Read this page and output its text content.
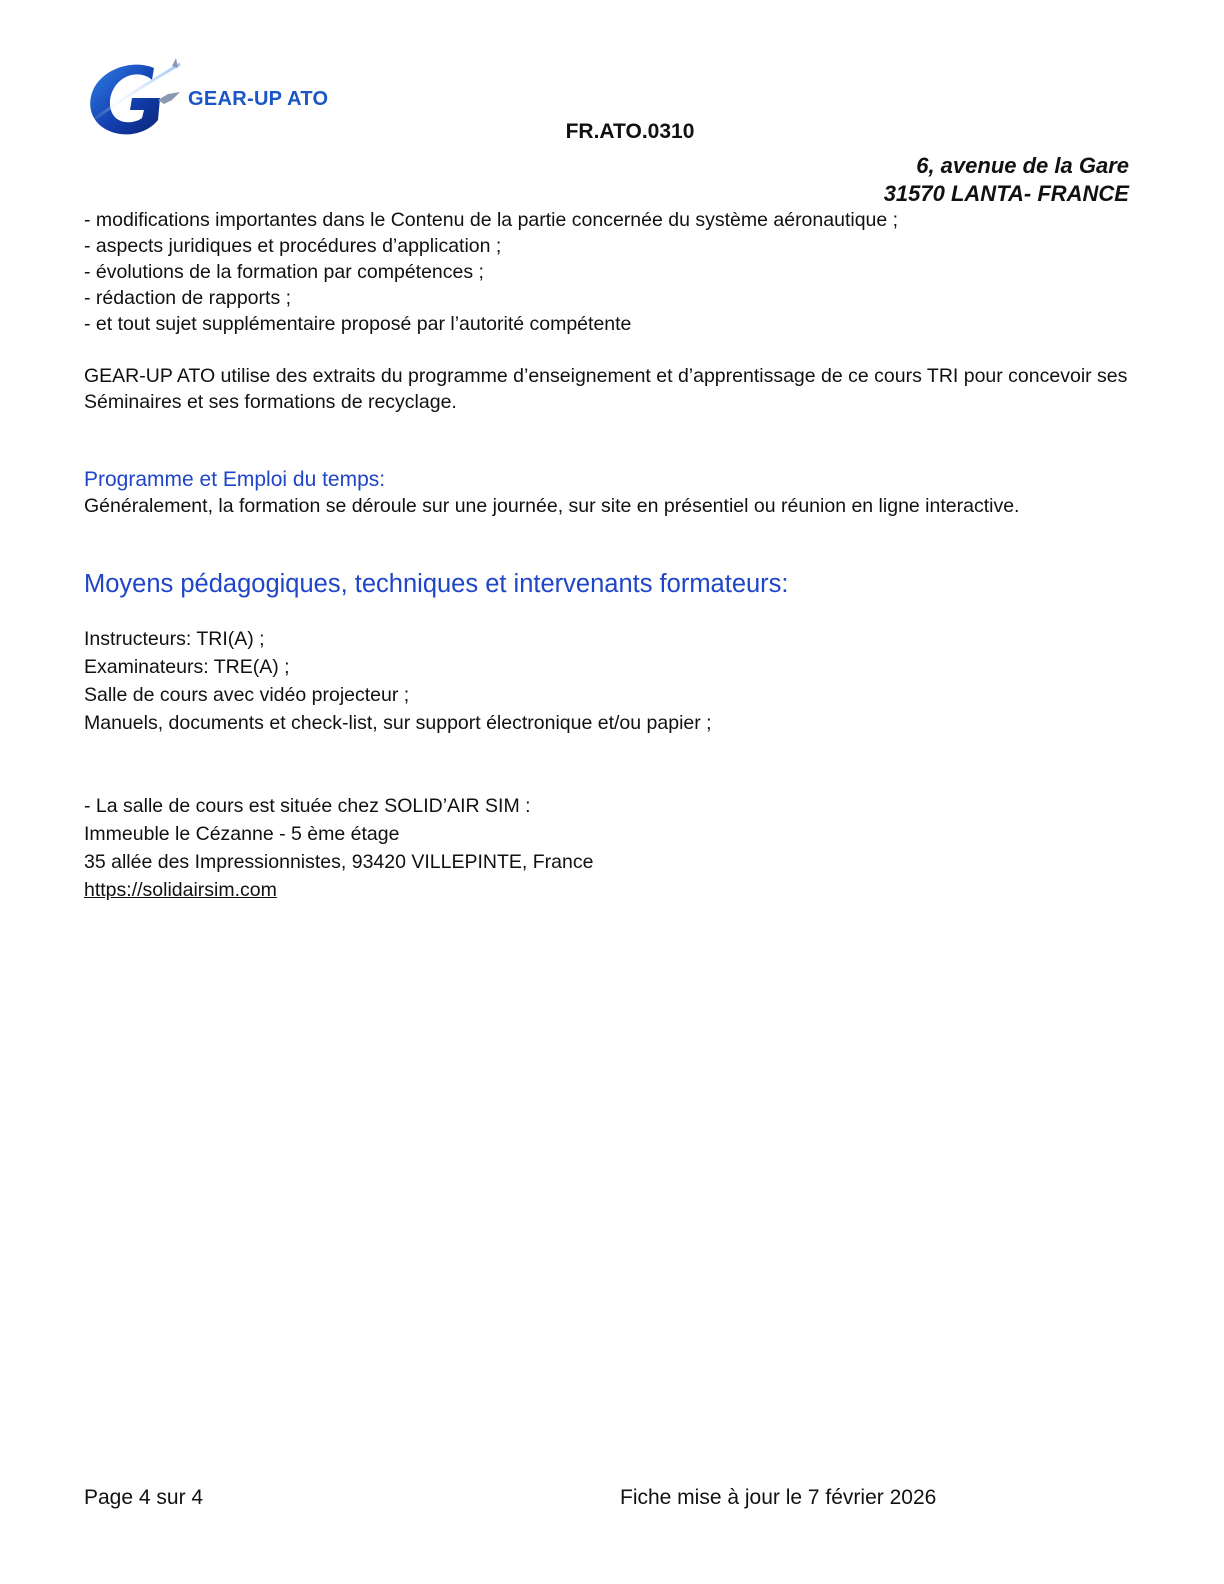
GEAR-UP ATO
FR.ATO.0310
6, avenue de la Gare
31570 LANTA- FRANCE
- modifications importantes dans le Contenu de la partie concernée du système aéronautique ;
- aspects juridiques et procédures d’application ;
- évolutions de la formation par compétences ;
- rédaction de rapports ;
- et tout sujet supplémentaire proposé par l’autorité compétente

GEAR-UP ATO utilise des extraits du programme d’enseignement et d’apprentissage de ce cours TRI pour concevoir ses Séminaires et ses formations de recyclage.

Programme et Emploi du temps:

Généralement, la formation se déroule sur une journée, sur site en présentiel ou réunion en ligne interactive.

Moyens pédagogiques, techniques et intervenants formateurs:
Instructeurs: TRI(A) ;
Examinateurs: TRE(A) ;
Salle de cours avec vidéo projecteur ;
Manuels, documents et check-list, sur support électronique et/ou papier ;
- La salle de cours est située chez SOLID’AIR SIM :
Immeuble le Cézanne - 5 ème étage
35 allée des Impressionnistes, 93420 VILLEPINTE, France
https://solidairsim.com
Page 4 sur 4	Fiche mise à jour le 7 février 2026
